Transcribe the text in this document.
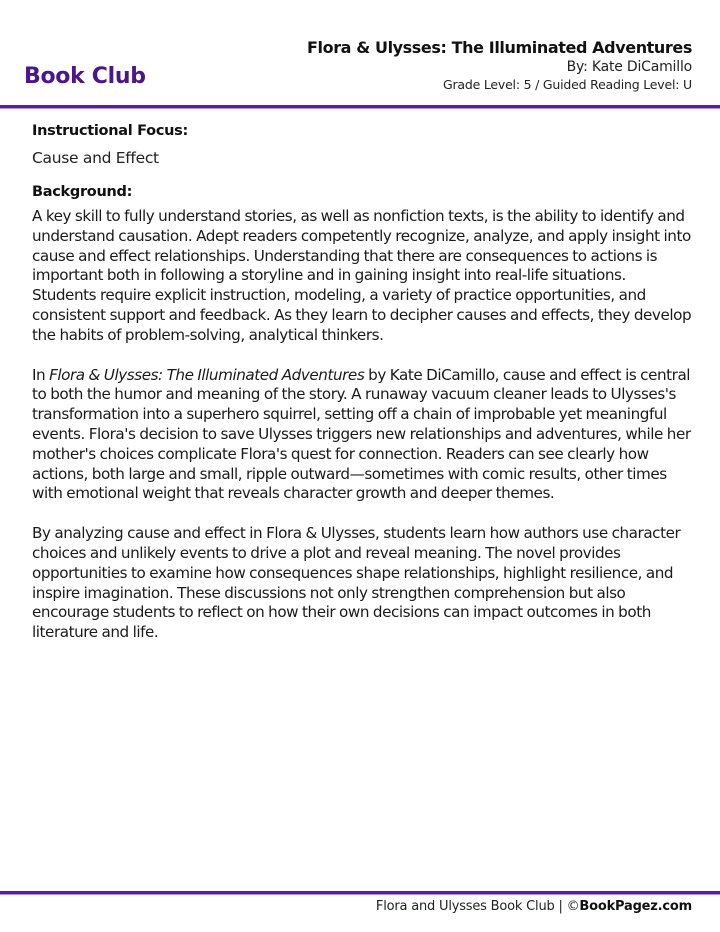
Book Club
Flora & Ulysses: The Illuminated Adventures
By: Kate DiCamillo
Grade Level: 5 / Guided Reading Level: U
Instructional Focus:
Cause and Effect
Background:

A key skill to fully understand stories, as well as nonfiction texts, is the ability to identify and understand causation. Adept readers competently recognize, analyze, and apply insight into cause and effect relationships. Understanding that there are consequences to actions is important both in following a storyline and in gaining insight into real-life situations. Students require explicit instruction, modeling, a variety of practice opportunities, and consistent support and feedback. As they learn to decipher causes and effects, they develop the habits of problem-solving, analytical thinkers.

In Flora & Ulysses: The Illuminated Adventures by Kate DiCamillo, cause and effect is central to both the humor and meaning of the story. A runaway vacuum cleaner leads to Ulysses's transformation into a superhero squirrel, setting off a chain of improbable yet meaningful events. Flora's decision to save Ulysses triggers new relationships and adventures, while her mother's choices complicate Flora's quest for connection. Readers can see clearly how actions, both large and small, ripple outward—sometimes with comic results, other times with emotional weight that reveals character growth and deeper themes.

By analyzing cause and effect in Flora & Ulysses, students learn how authors use character choices and unlikely events to drive a plot and reveal meaning. The novel provides opportunities to examine how consequences shape relationships, highlight resilience, and inspire imagination. These discussions not only strengthen comprehension but also encourage students to reflect on how their own decisions can impact outcomes in both literature and life.

Flora and Ulysses Book Club | ©BookPagez.com
